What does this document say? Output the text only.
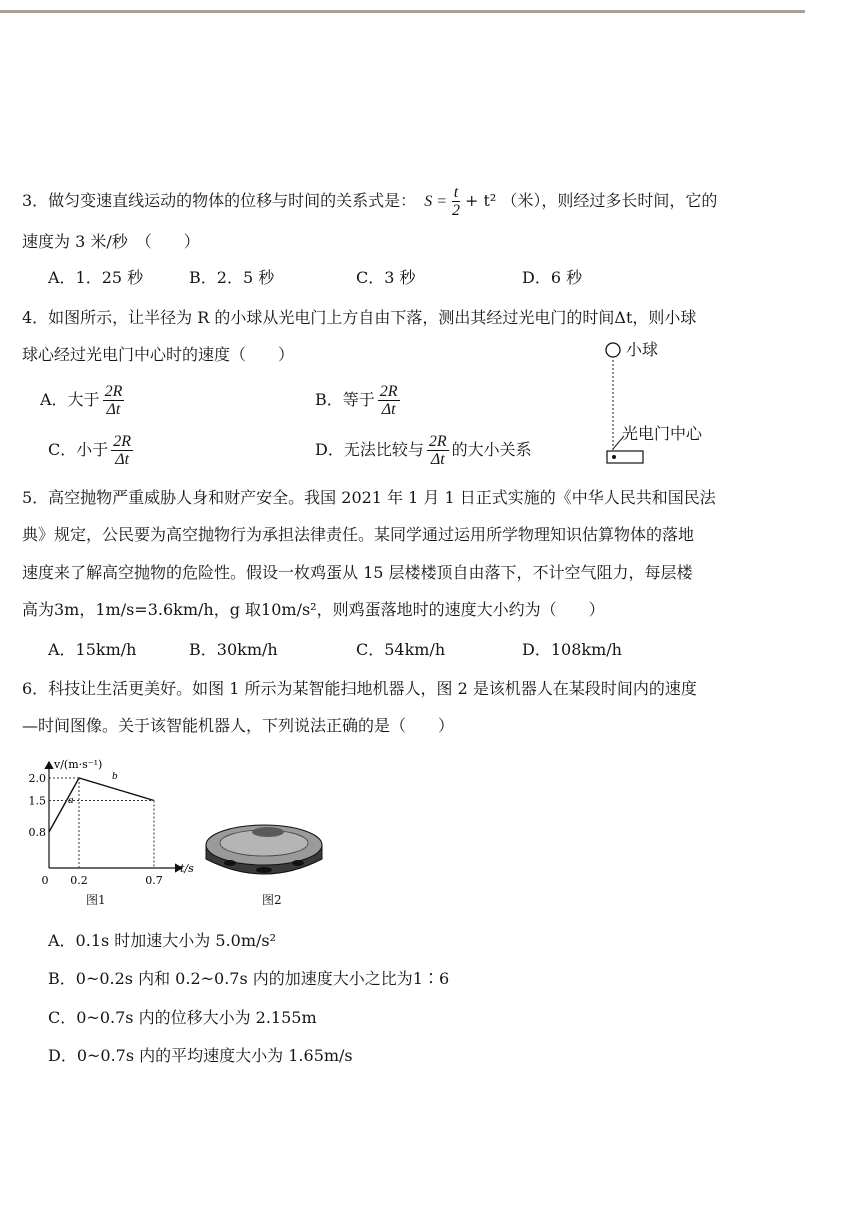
3．做匀变速直线运动的物体的位移与时间的关系式是： $S = \frac{t}{2} + t^2$ （米），则经过多长时间，它的
速度为 3 米/秒　（　　）
A．1．25 秒	B．2．5 秒	C．3 秒	D．6 秒
4．如图所示，让半径为 R 的小球从光电门上方自由下落，测出其经过光电门的时间Δt，则小球
球心经过光电门中心时的速度（　　）
A．大于 $\frac{2R}{\Delta t}$	B．等于 $\frac{2R}{\Delta t}$
C．小于 $\frac{2R}{\Delta t}$	D．无法比较与 $\frac{2R}{\Delta t}$ 的大小关系
小球
光电门中心
5．高空抛物严重威胁人身和财产安全。我国 2021 年 1 月 1 日正式实施的《中华人民共和国民法
典》规定，公民要为高空抛物行为承担法律责任。某同学通过运用所学物理知识估算物体的落地
速度来了解高空抛物的危险性。假设一枚鸡蛋从 15 层楼楼顶自由落下，不计空气阻力，每层楼
高为3m，1m/s=3.6km/h，g 取10m/s²，则鸡蛋落地时的速度大小约为（　　）
A．15km/h	B．30km/h	C．54km/h	D．108km/h
6．科技让生活更美好。如图 1 所示为某智能扫地机器人，图 2 是该机器人在某段时间内的速度
—时间图像。关于该智能机器人，下列说法正确的是（　　）
v/(m·s⁻¹)
t/s
0.8
1.5
2.0
0 0.2	0.7
a
b
图1	图2
A．0.1s 时加速大小为 5.0m/s²
B．0~0.2s 内和 0.2~0.7s 内的加速度大小之比为1∶6
C．0~0.7s 内的位移大小为 2.155m
D．0~0.7s 内的平均速度大小为 1.65m/s
